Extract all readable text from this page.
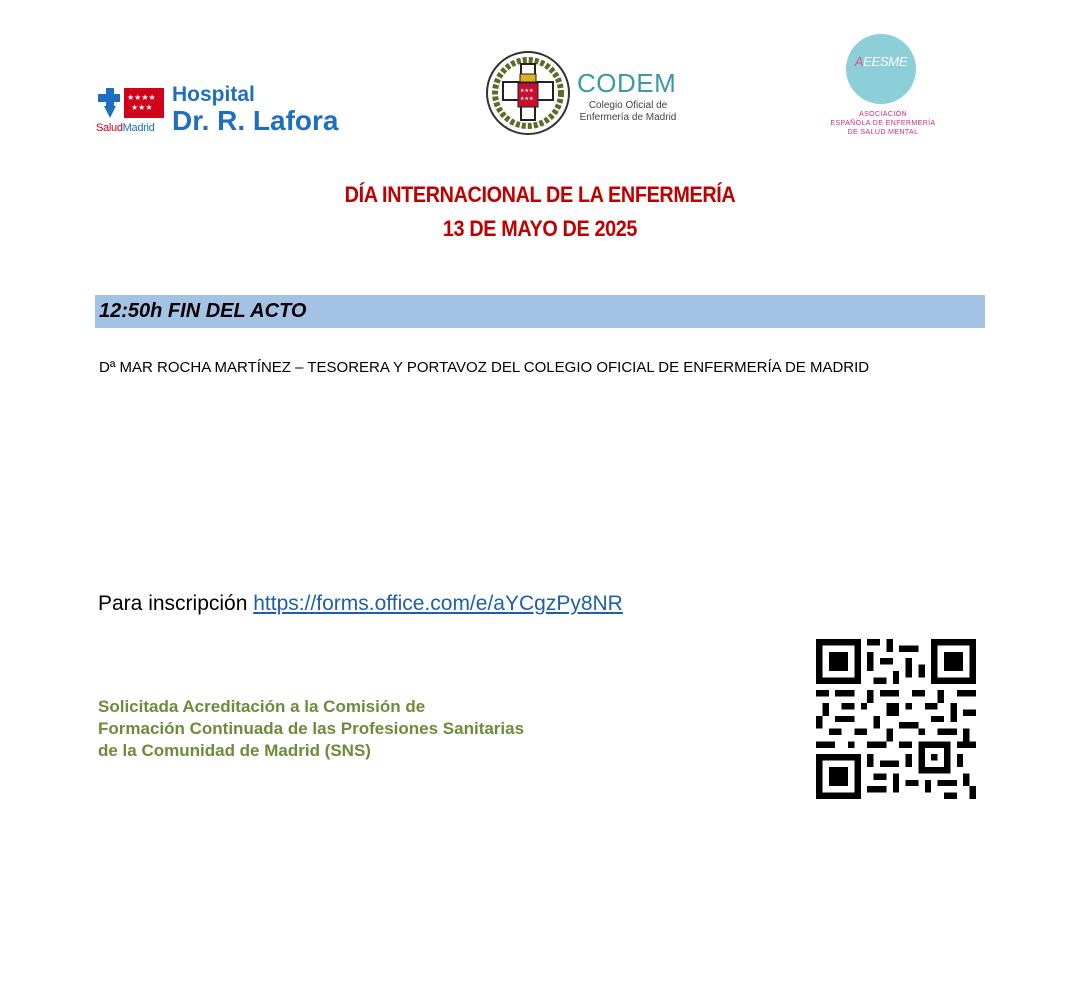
★★★★
★★★
SaludMadrid
Hospital
Dr. R. Lafora
★★★
★★★
CODEM
Colegio Oficial de
Enfermería de Madrid
AEESME
ASOCIACIÓN
ESPAÑOLA DE ENFERMERÍA
DE SALUD MENTAL
DÍA INTERNACIONAL DE LA ENFERMERÍA
13 DE MAYO DE 2025
12:50h FIN DEL ACTO
Dª MAR ROCHA MARTÍNEZ – TESORERA Y PORTAVOZ DEL COLEGIO OFICIAL DE ENFERMERÍA DE MADRID
Para inscripción https://forms.office.com/e/aYCgzPy8NR
Solicitada Acreditación a la Comisión de
Formación Continuada de las Profesiones Sanitarias
de la Comunidad de Madrid (SNS)
